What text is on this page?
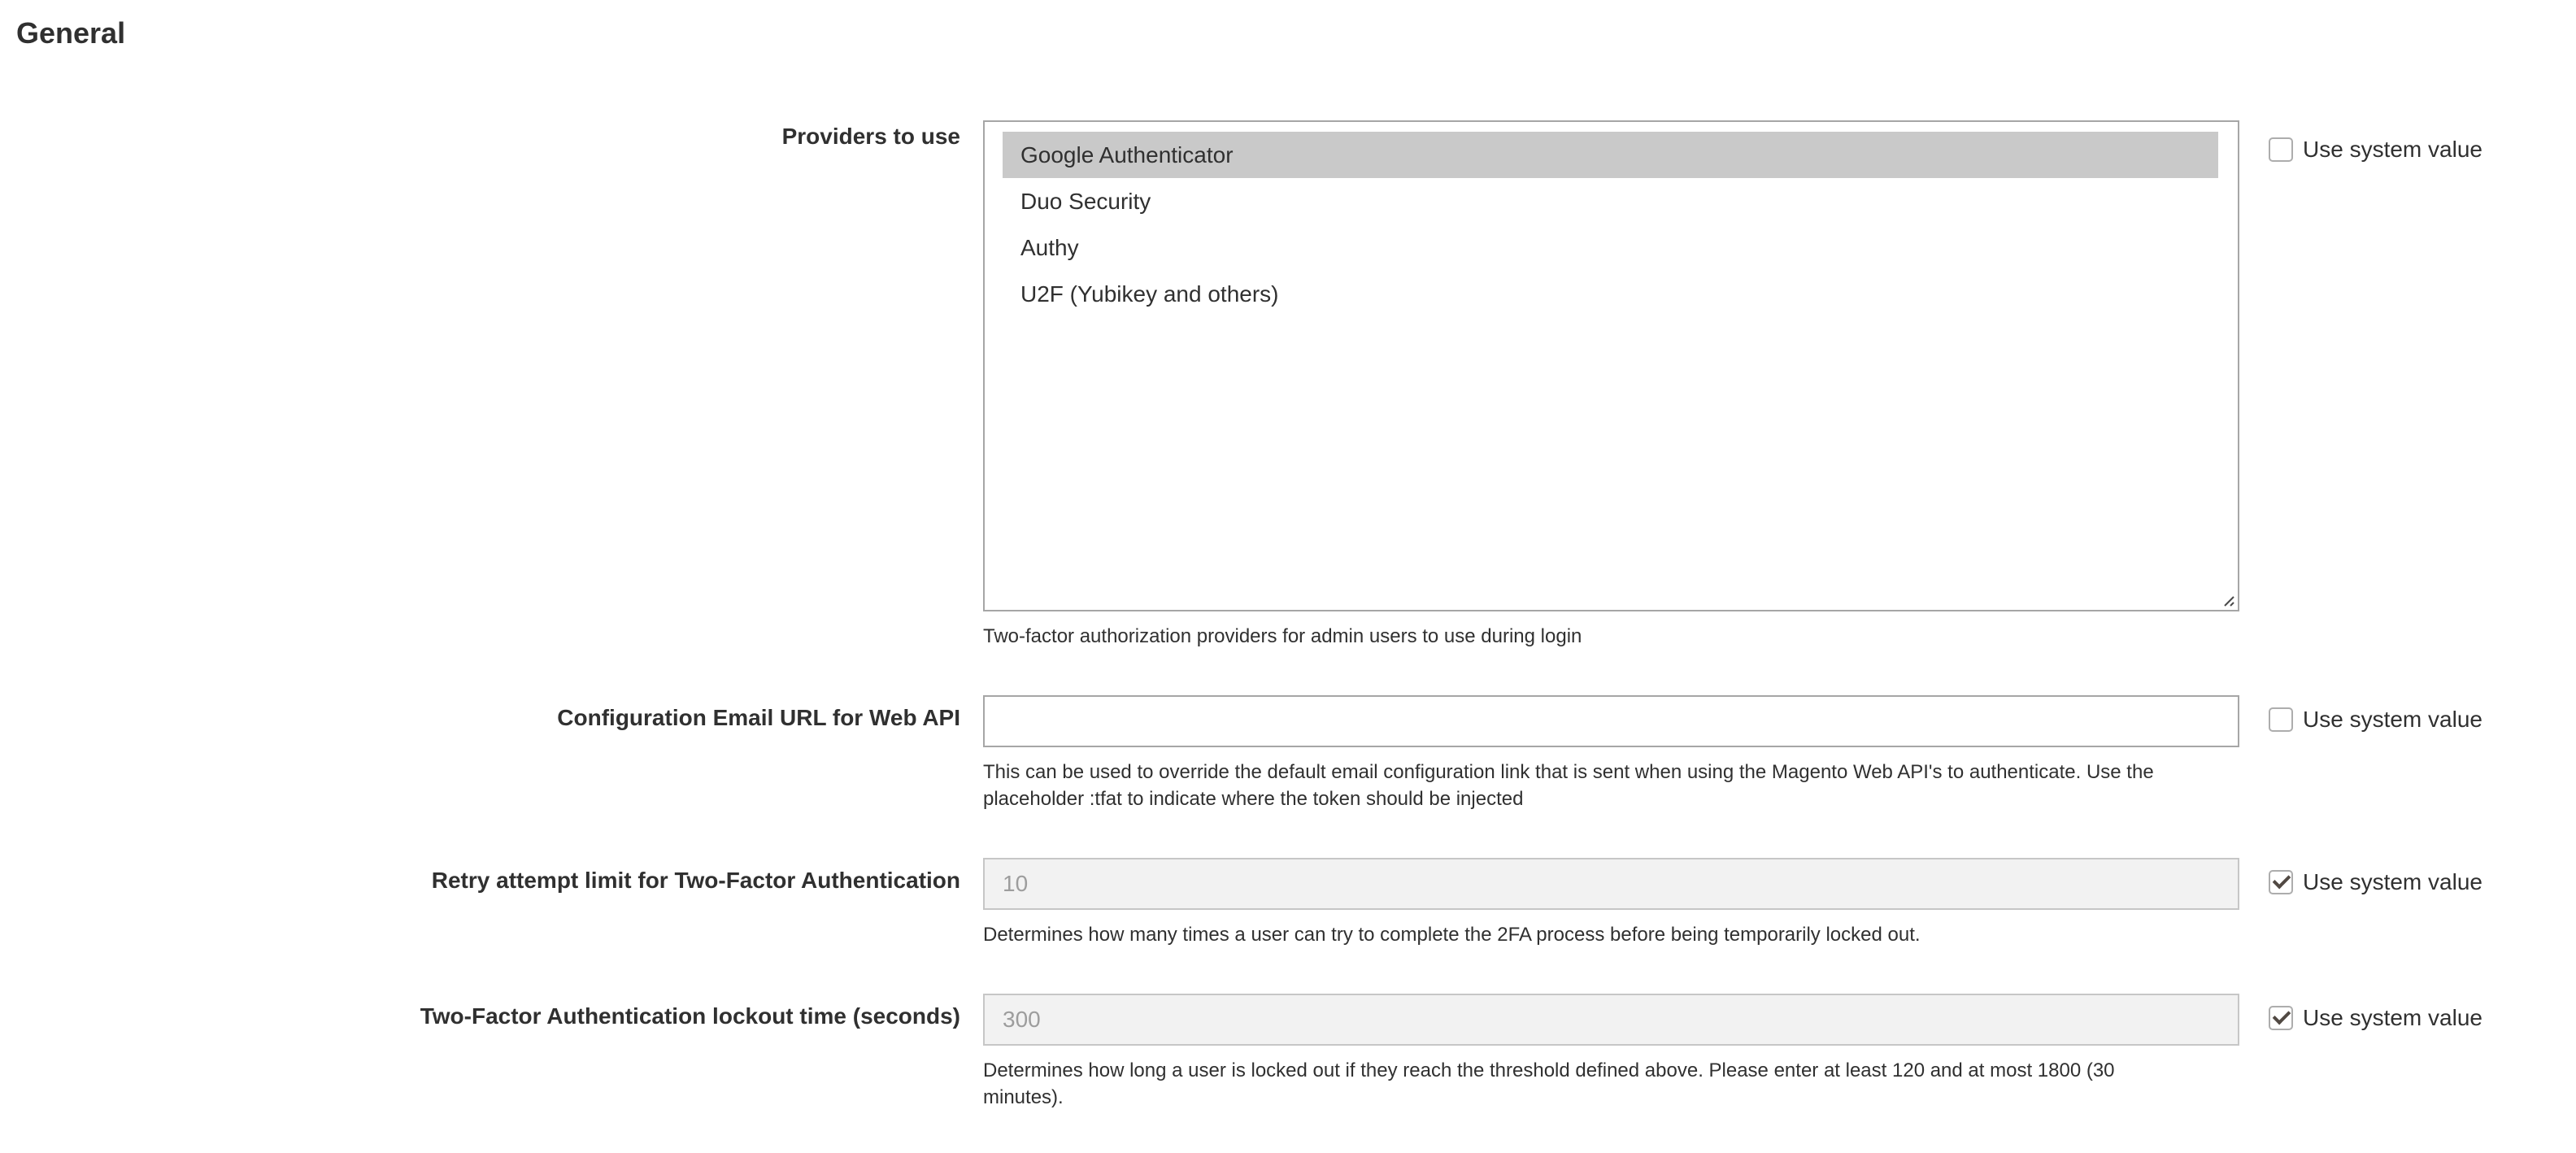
General
Providers to use
Google Authenticator
Duo Security
Authy
U2F (Yubikey and others)
Two-factor authorization providers for admin users to use during login
Use system value
Configuration Email URL for Web API
This can be used to override the default email configuration link that is sent when using the Magento Web API's to authenticate. Use the placeholder :tfat to indicate where the token should be injected
Use system value
Retry attempt limit for Two-Factor Authentication
10
Determines how many times a user can try to complete the 2FA process before being temporarily locked out.
Use system value
Two-Factor Authentication lockout time (seconds)
300
Determines how long a user is locked out if they reach the threshold defined above. Please enter at least 120 and at most 1800 (30 minutes).
Use system value
